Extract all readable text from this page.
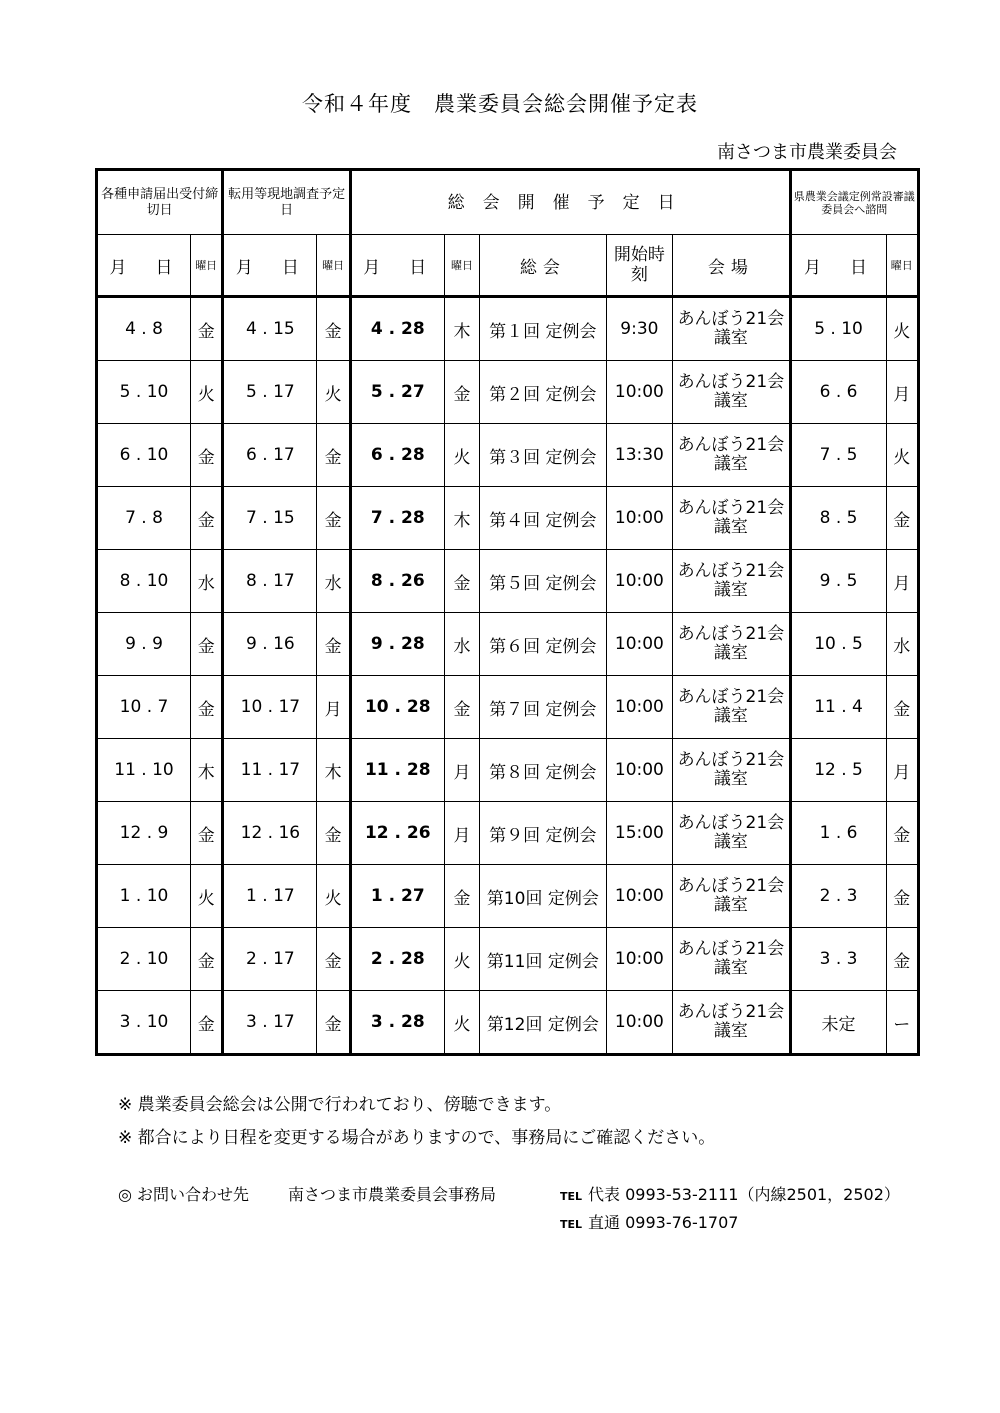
令和４年度　農業委員会総会開催予定表
南さつま市農業委員会
各種申請届出受付締切日		転用等現地調査予定日		総会開催予定日					県農業会議定例常設審議委員会へ諮問	
月　日	曜日	月　日	曜日	月　日	曜日	総会	開始時刻	会場	月　日	曜日
4 . 8	金	4 . 15	金	4 . 28	木	第１回 定例会	9:30	あんぼう21会議室	5 . 10	火
5 . 10	火	5 . 17	火	5 . 27	金	第２回 定例会	10:00	あんぼう21会議室	6 . 6	月
6 . 10	金	6 . 17	金	6 . 28	火	第３回 定例会	13:30	あんぼう21会議室	7 . 5	火
7 . 8	金	7 . 15	金	7 . 28	木	第４回 定例会	10:00	あんぼう21会議室	8 . 5	金
8 . 10	水	8 . 17	水	8 . 26	金	第５回 定例会	10:00	あんぼう21会議室	9 . 5	月
9 . 9	金	9 . 16	金	9 . 28	水	第６回 定例会	10:00	あんぼう21会議室	10 . 5	水
10 . 7	金	10 . 17	月	10 . 28	金	第７回 定例会	10:00	あんぼう21会議室	11 . 4	金
11 . 10	木	11 . 17	木	11 . 28	月	第８回 定例会	10:00	あんぼう21会議室	12 . 5	月
12 . 9	金	12 . 16	金	12 . 26	月	第９回 定例会	15:00	あんぼう21会議室	1 . 6	金
1 . 10	火	1 . 17	火	1 . 27	金	第10回 定例会	10:00	あんぼう21会議室	2 . 3	金
2 . 10	金	2 . 17	金	2 . 28	火	第11回 定例会	10:00	あんぼう21会議室	3 . 3	金
3 . 10	金	3 . 17	金	3 . 28	火	第12回 定例会	10:00	あんぼう21会議室	未定	ー
※ 農業委員会総会は公開で行われており、傍聴できます。
※ 都合により日程を変更する場合がありますので、事務局にご確認ください。
◎ お問い合わせ先 南さつま市農業委員会事務局	TEL 代表 0993-53-2111（内線2501，2502）
TEL 直通 0993-76-1707
